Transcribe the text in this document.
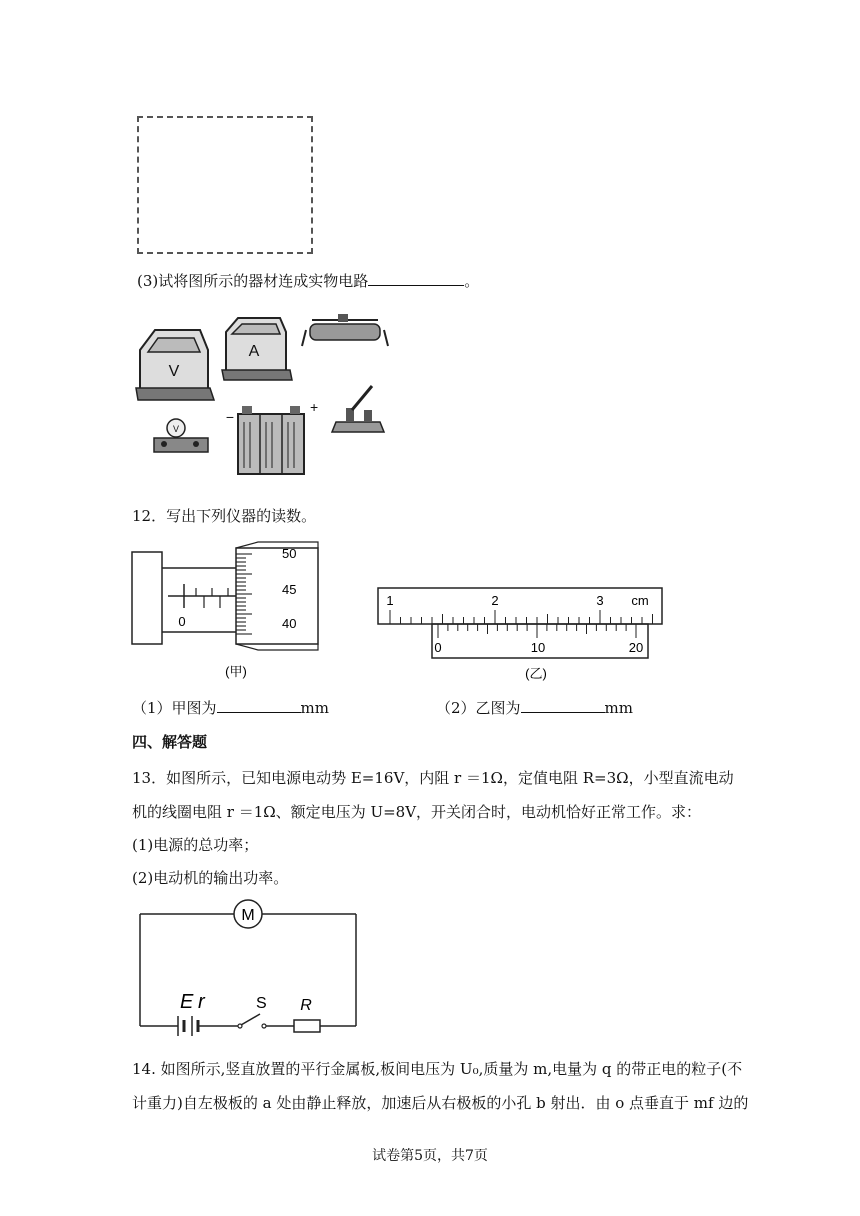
(3)试将图所示的器材连成实物电路	。
V
A
V
−
+
12．写出下列仪器的读数。
0
50
45
40
(甲)
1	2	3 cm
0	10	20
(乙)
（1）甲图为	mm	（2）乙图为	mm
四、解答题
13．如图所示，已知电源电动势 E=16V，内阻 r ＝1Ω，定值电阻 R=3Ω，小型直流电动
机的线圈电阻 r ＝1Ω、额定电压为 U=8V，开关闭合时，电动机恰好正常工作。求：
(1)电源的总功率；
(2)电动机的输出功率。
M
E r	S R
14. 如图所示,竖直放置的平行金属板,板间电压为 U₀,质量为 m,电量为 q 的带正电的粒子(不
计重力)自左极板的 a 处由静止释放，加速后从右极板的小孔 b 射出．由 o 点垂直于 mf 边的
试卷第5页，共7页
